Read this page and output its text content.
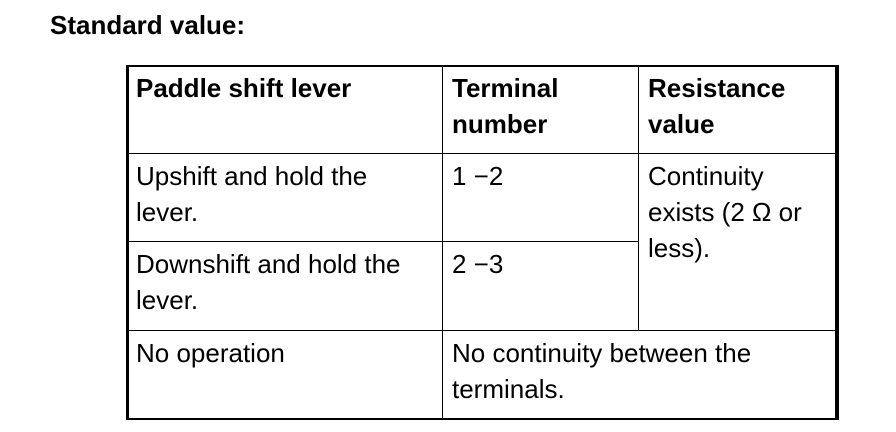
Standard value:
Paddle shift lever	Terminal number	Resistance value
Upshift and hold the lever.	1 −2	Continuity exists (2 Ω or less).
Downshift and hold the lever.	2 −3	
No operation	No continuity between the terminals.	
